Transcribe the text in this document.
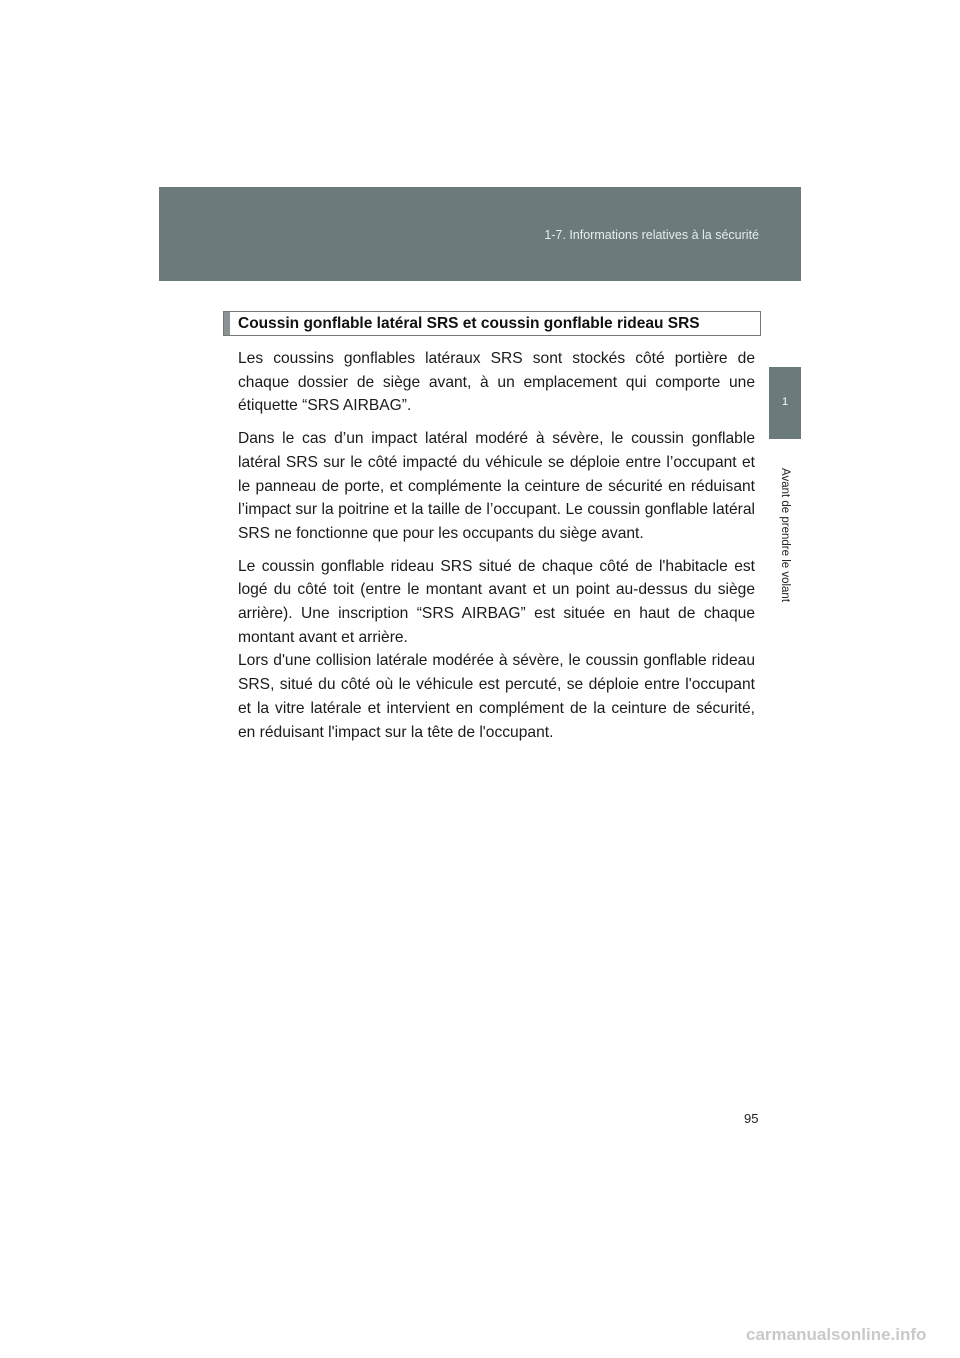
1-7. Informations relatives à la sécurité
1
Avant de prendre le volant
Coussin gonflable latéral SRS et coussin gonflable rideau SRS

Les coussins gonflables latéraux SRS sont stockés côté portière de chaque dossier de siège avant, à un emplacement qui comporte une étiquette “SRS AIRBAG”.

Dans le cas d’un impact latéral modéré à sévère, le coussin gonflable latéral SRS sur le côté impacté du véhicule se déploie entre l’occupant et le panneau de porte, et complémente la ceinture de sécurité en réduisant l’impact sur la poitrine et la taille de l’occupant. Le coussin gonflable latéral SRS ne fonctionne que pour les occupants du siège avant.

Le coussin gonflable rideau SRS situé de chaque côté de l'habitacle est logé du côté toit (entre le montant avant et un point au-dessus du siège arrière). Une inscription “SRS AIRBAG” est située en haut de chaque montant avant et arrière.

Lors d'une collision latérale modérée à sévère, le coussin gonflable rideau SRS, situé du côté où le véhicule est percuté, se déploie entre l'occupant et la vitre latérale et intervient en complément de la ceinture de sécurité, en réduisant l'impact sur la tête de l'occupant.

95
carmanualsonline.info
